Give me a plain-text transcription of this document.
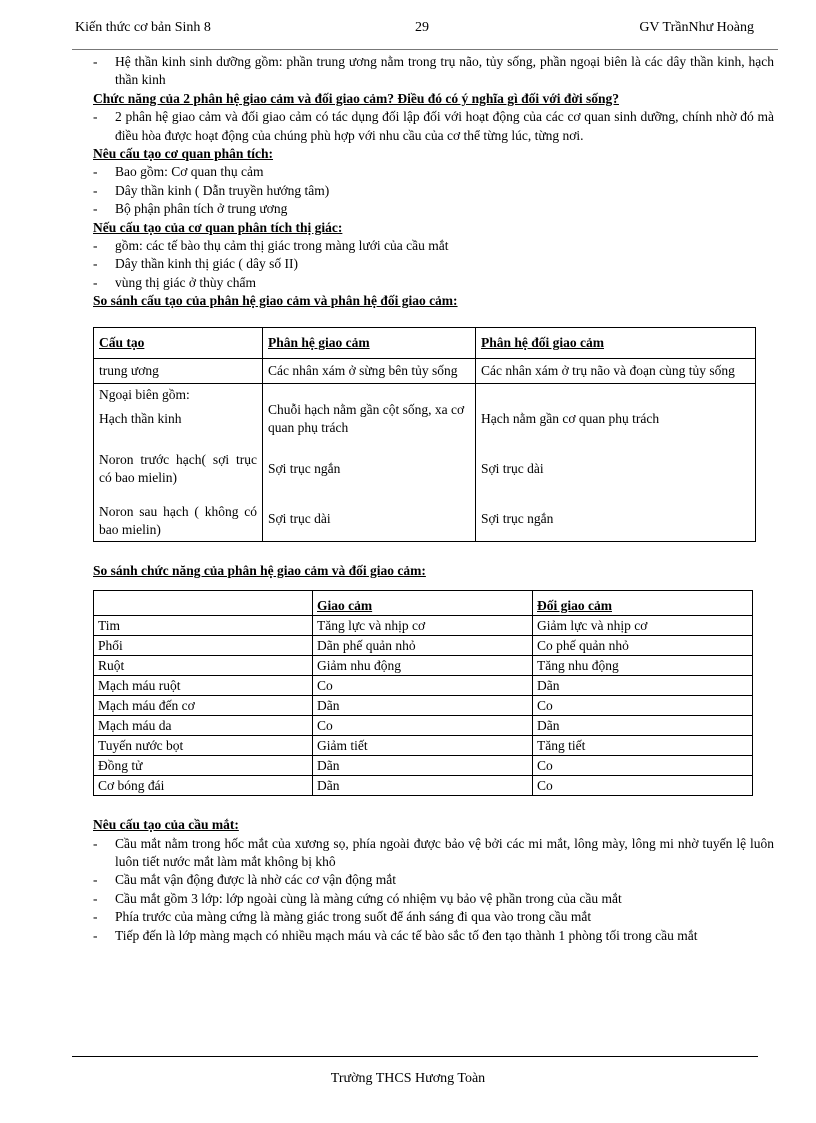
Kiến thức cơ bản Sinh 8	29	GV TrầnNhư Hoàng
- Hệ thần kinh sinh dưỡng gồm: phần trung ương nằm trong trụ não, tủy sống, phần ngoại biên là các dây thần kinh, hạch thần kinh

Chức năng của 2 phân hệ giao cảm và đối giao cảm? Điều đó có ý nghĩa gì đối với đời sống?

- 2 phân hệ giao cảm và đối giao cảm có tác dụng đối lập đối với hoạt động của các cơ quan sinh dưỡng, chính nhờ đó mà điều hòa được hoạt động của chúng phù hợp với nhu cầu của cơ thể từng lúc, từng nơi.

Nêu cấu tạo cơ quan phân tích:

- Bao gồm: Cơ quan thụ cảm
- Dây thần kinh ( Dẫn truyền hướng tâm)
- Bộ phận phân tích ở trung ương

Nếu cấu tạo của cơ quan phân tích thị giác:

- gồm: các tế bào thụ cảm thị giác trong màng lưới của cầu mắt
- Dây thần kinh thị giác ( dây số II)
- vùng thị giác ở thùy chẩm

So sánh cấu tạo của phân hệ giao cảm và phân hệ đối giao cảm:

Cấu tạo	Phân hệ giao cảm	Phân hệ đối giao cảm
trung ương	Các nhân xám ở sừng bên tủy sống	Các nhân xám ở trụ não và đoạn cùng tủy sống

Ngoại biên gồm:
Hạch thần kinh	Chuỗi hạch nằm gần cột sống, xa cơ quan phụ trách	Hạch nằm gần cơ quan phụ trách
Noron trước hạch( sợi trục có bao mielin)	Sợi trục ngắn	Sợi trục dài
Noron sau hạch ( không có bao mielin)	Sợi trục dài	Sợi trục ngắn

So sánh chức năng của phân hệ giao cảm và đối giao cảm:

	Giao cảm	Đối giao cảm
Tim	Tăng lực và nhịp cơ	Giảm lực và nhịp cơ
Phổi	Dãn phế quản nhỏ	Co phế quản nhỏ
Ruột	Giảm nhu động	Tăng nhu động
Mạch máu ruột	Co	Dãn
Mạch máu đến cơ	Dãn	Co
Mạch máu da	Co	Dãn
Tuyến nước bọt	Giảm tiết	Tăng tiết
Đồng tử	Dãn	Co
Cơ bóng đái	Dãn	Co

Nêu cấu tạo của cầu mắt:

- Cầu mắt nằm trong hốc mắt của xương sọ, phía ngoài được bảo vệ bởi các mi mắt, lông mày, lông mi nhờ tuyến lệ luôn luôn tiết nước mắt làm mắt không bị khô
- Cầu mắt vận động được là nhờ các cơ vận động mắt
- Cầu mắt gồm 3 lớp: lớp ngoài cùng là màng cứng có nhiệm vụ bảo vệ phần trong của cầu mắt
- Phía trước của màng cứng là màng giác trong suốt để ánh sáng đi qua vào trong cầu mắt
- Tiếp đến là lớp màng mạch có nhiều mạch máu và các tế bào sắc tố đen tạo thành 1 phòng tối trong cầu mắt
Trường THCS Hương Toàn
